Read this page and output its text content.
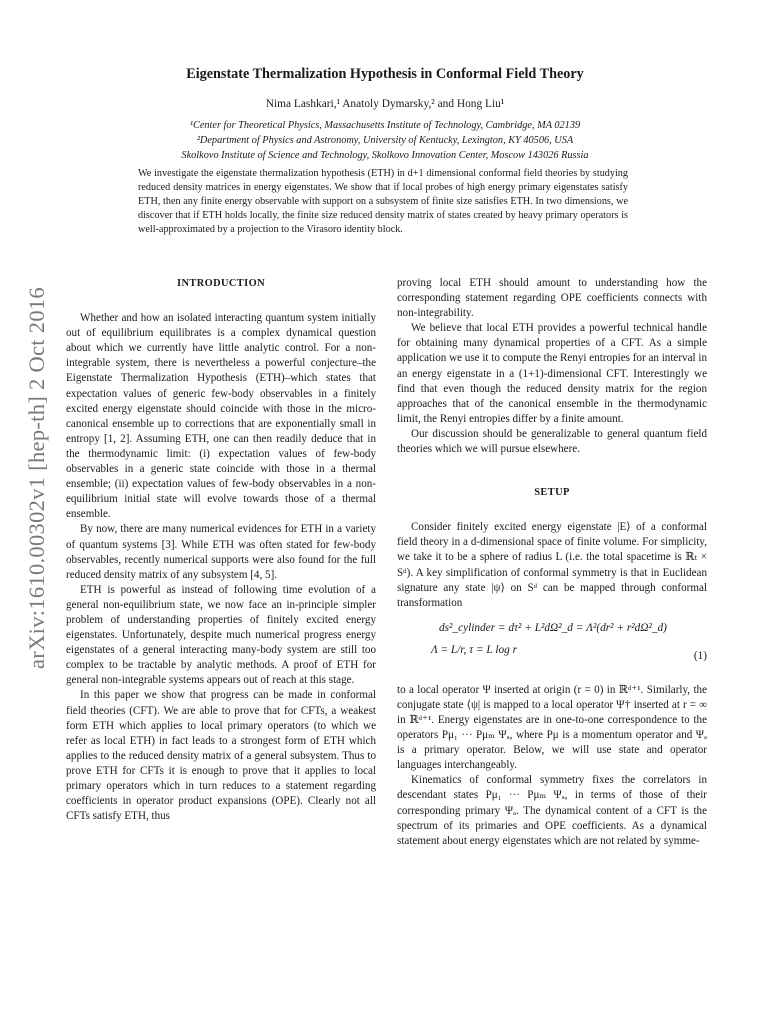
arXiv:1610.00302v1 [hep-th] 2 Oct 2016
Eigenstate Thermalization Hypothesis in Conformal Field Theory
Nima Lashkari,¹ Anatoly Dymarsky,² and Hong Liu¹
¹Center for Theoretical Physics, Massachusetts Institute of Technology, Cambridge, MA 02139
²Department of Physics and Astronomy, University of Kentucky, Lexington, KY 40506, USA
Skolkovo Institute of Science and Technology, Skolkovo Innovation Center, Moscow 143026 Russia
We investigate the eigenstate thermalization hypothesis (ETH) in d+1 dimensional conformal field theories by studying reduced density matrices in energy eigenstates. We show that if local probes of high energy primary eigenstates satisfy ETH, then any finite energy observable with support on a subsystem of finite size satisfies ETH. In two dimensions, we discover that if ETH holds locally, the finite size reduced density matrix of states created by heavy primary operators is well-approximated by a projection to the Virasoro identity block.
INTRODUCTION

Whether and how an isolated interacting quantum system initially out of equilibrium equilibrates is a complex dynamical question about which we currently have little analytic control. For a non-integrable system, there is nevertheless a powerful conjecture–the Eigenstate Thermalization Hypothesis (ETH)–which states that expectation values of generic few-body observables in a finitely excited energy eigenstate should coincide with those in the micro-canonical ensemble up to corrections that are exponentially small in entropy [1, 2]. Assuming ETH, one can then readily deduce that in the thermodynamic limit: (i) expectation values of few-body observables in a generic state coincide with those in a thermal ensemble; (ii) expectation values of few-body observables in a non-equilibrium initial state will evolve towards those of a thermal ensemble.

By now, there are many numerical evidences for ETH in a variety of quantum systems [3]. While ETH was often stated for few-body observables, recently numerical supports were also found for the full reduced density matrix of any subsystem [4, 5].

ETH is powerful as instead of following time evolution of a general non-equilibrium state, we now face an in-principle simpler problem of understanding properties of finitely excited energy eigenstates. Unfortunately, despite much numerical progress energy eigenstates of a general interacting many-body system are still too complex to be tractable by analytic methods. A proof of ETH for general non-integrable systems appears out of reach at this stage.

In this paper we show that progress can be made in conformal field theories (CFT). We are able to prove that for CFTs, a weakest form ETH which applies to local primary operators (to which we refer as local ETH) in fact leads to a strongest form of ETH which applies to the reduced density matrix of a general subsystem. Thus to prove ETH for CFTs it is enough to prove that it applies to local primary operators which in turn reduces to a statement regarding coefficients in operator product expansions (OPE). Clearly not all CFTs satisfy ETH, thus

proving local ETH should amount to understanding how the corresponding statement regarding OPE coefficients connects with non-integrability.

We believe that local ETH provides a powerful technical handle for obtaining many dynamical properties of a CFT. As a simple application we use it to compute the Renyi entropies for an interval in an energy eigenstate in a (1+1)-dimensional CFT. Interestingly we find that even though the reduced density matrix for the region approaches that of the canonical ensemble in the thermodynamic limit, the Renyi entropies differ by a finite amount.

Our discussion should be generalizable to general quantum field theories which we will pursue elsewhere.

SETUP

Consider finitely excited energy eigenstate |E⟩ of a conformal field theory in a d-dimensional space of finite volume. For simplicity, we take it to be a sphere of radius L (i.e. the total spacetime is ℝₜ × Sᵈ). A key simplification of conformal symmetry is that in Euclidean signature any state |ψ⟩ on Sᵈ can be mapped through conformal transformation

ds²_cylinder = dτ² + L²dΩ²_d = Λ²(dr² + r²dΩ²_d)
Λ = L/r, τ = L log r	(1)

to a local operator Ψ inserted at origin (r = 0) in ℝᵈ⁺¹. Similarly, the conjugate state ⟨ψ| is mapped to a local operator Ψ† inserted at r = ∞ in ℝᵈ⁺¹. Energy eigenstates are in one-to-one correspondence to the operators Pμ₁ ··· Pμₘ Ψₐ, where Pμ is a momentum operator and Ψₐ is a primary operator. Below, we will use state and operator languages interchangeably.

Kinematics of conformal symmetry fixes the correlators in descendant states Pμ₁ ··· Pμₘ Ψₐ, in terms of those of their corresponding primary Ψₐ. The dynamical content of a CFT is the spectrum of its primaries and OPE coefficients. As a dynamical statement about energy eigenstates which are not related by symme-
